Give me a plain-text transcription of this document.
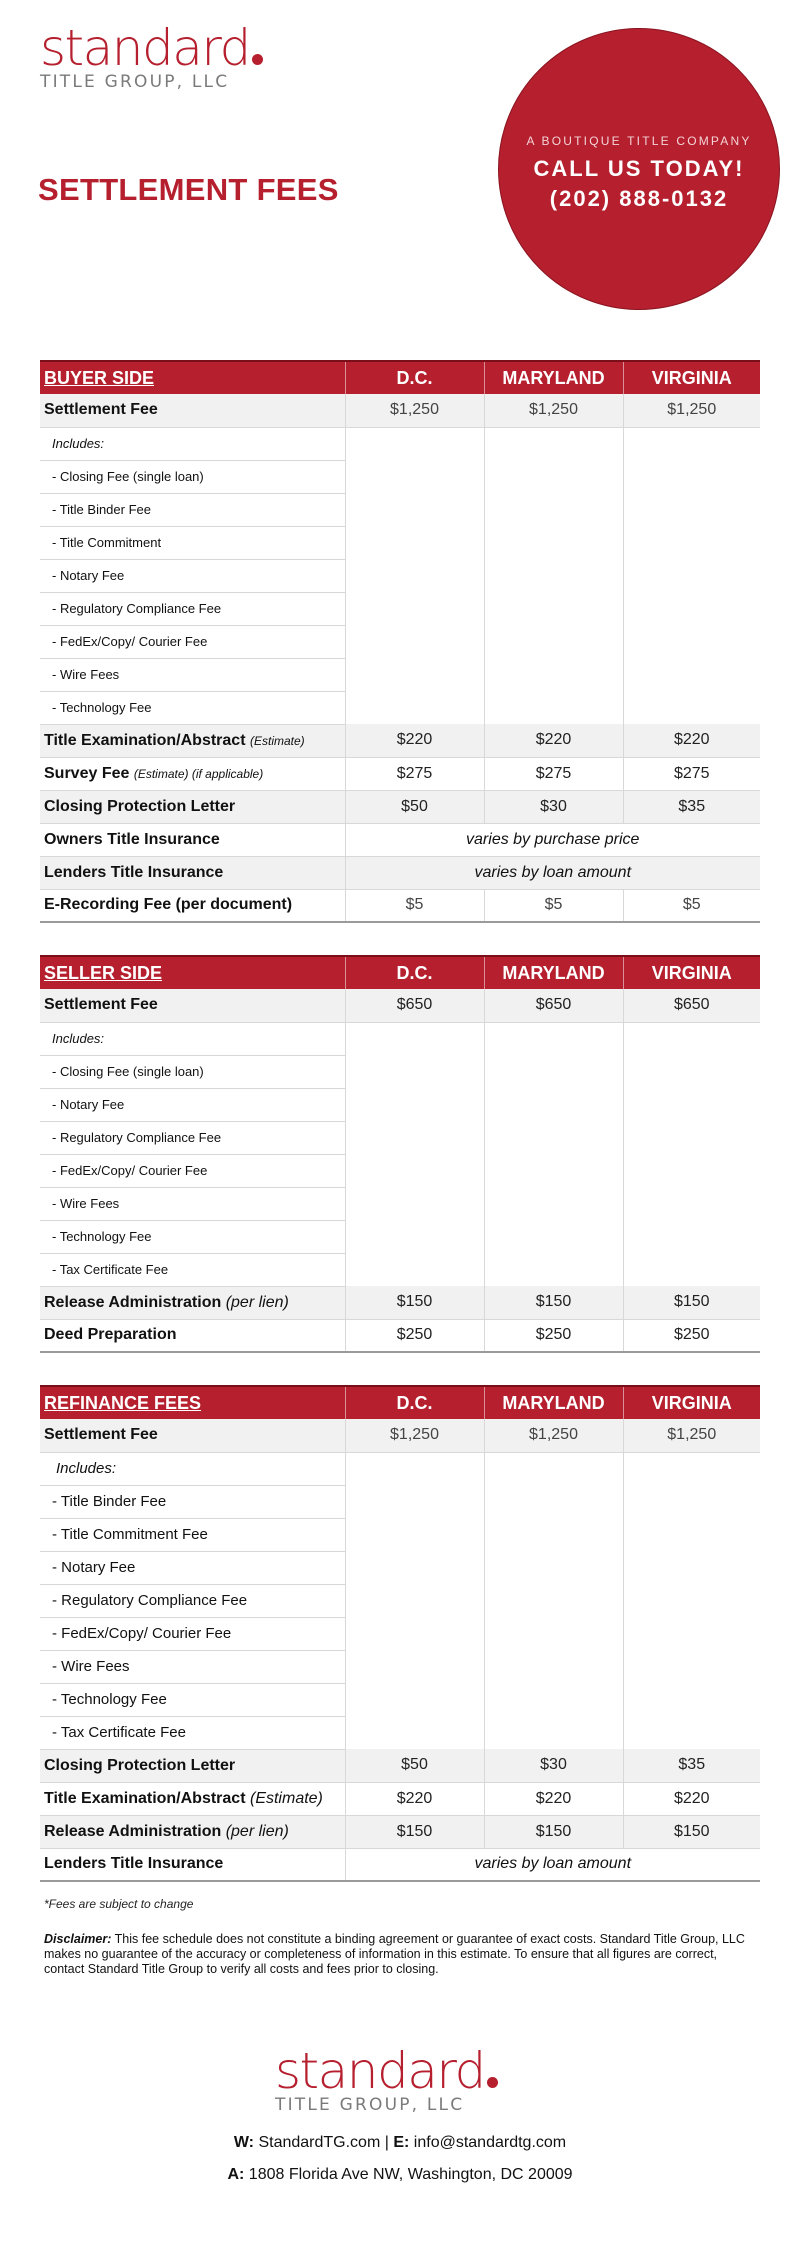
standard
TITLE GROUP, LLC
SETTLEMENT FEES
A BOUTIQUE TITLE COMPANY
CALL US TODAY!
(202) 888-0132
BUYER SIDE	D.C.	MARYLAND	VIRGINIA
Settlement Fee	$1,250	$1,250	$1,250
Includes:			
- Closing Fee (single loan)			
- Title Binder Fee			
- Title Commitment			
- Notary Fee			
- Regulatory Compliance Fee			
- FedEx/Copy/ Courier Fee			
- Wire Fees			
- Technology Fee			
Title Examination/Abstract (Estimate)	$220	$220	$220
Survey Fee (Estimate) (if applicable)	$275	$275	$275
Closing Protection Letter	$50	$30	$35
Owners Title Insurance	varies by purchase price		
Lenders Title Insurance	varies by loan amount		
E-Recording Fee (per document)	$5	$5	$5
SELLER SIDE	D.C.	MARYLAND	VIRGINIA
Settlement Fee	$650	$650	$650
Includes:			
- Closing Fee (single loan)			
- Notary Fee			
- Regulatory Compliance Fee			
- FedEx/Copy/ Courier Fee			
- Wire Fees			
- Technology Fee			
- Tax Certificate Fee			
Release Administration (per lien)	$150	$150	$150
Deed Preparation	$250	$250	$250
REFINANCE FEES	D.C.	MARYLAND	VIRGINIA
Settlement Fee	$1,250	$1,250	$1,250
Includes:			
- Title Binder Fee			
- Title Commitment Fee			
- Notary Fee			
- Regulatory Compliance Fee			
- FedEx/Copy/ Courier Fee			
- Wire Fees			
- Technology Fee			
- Tax Certificate Fee			
Closing Protection Letter	$50	$30	$35
Title Examination/Abstract (Estimate)	$220	$220	$220
Release Administration (per lien)	$150	$150	$150
Lenders Title Insurance	varies by loan amount		
*Fees are subject to change
Disclaimer: This fee schedule does not constitute a binding agreement or guarantee of exact costs. Standard Title Group, LLC makes no guarantee of the accuracy or completeness of information in this estimate. To ensure that all figures are correct, contact Standard Title Group to verify all costs and fees prior to closing.
standard
TITLE GROUP, LLC
W: StandardTG.com | E: info@standardtg.com
A: 1808 Florida Ave NW, Washington, DC 20009
